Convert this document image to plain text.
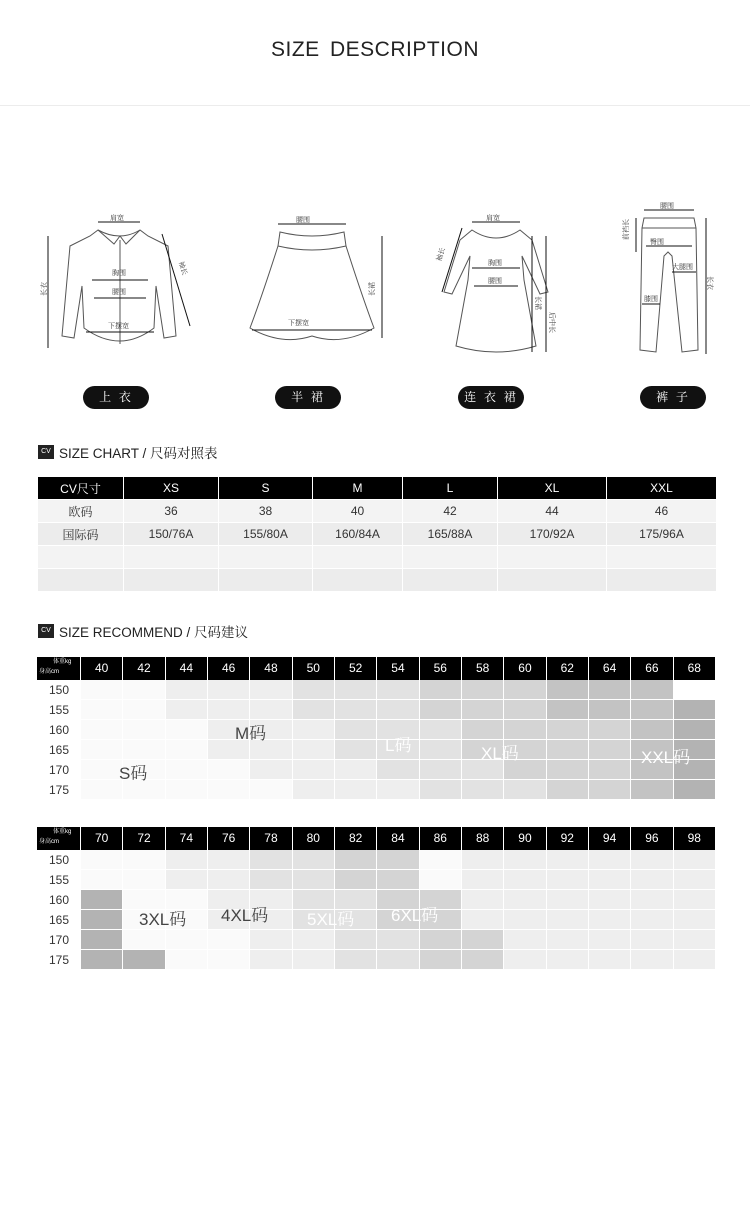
SIZE DESCRIPTION
肩宽
胸围
腰围
下摆宽
长衣
袖长
上 衣
腰围
下摆宽
长裙
半 裙
肩宽
胸围
腰围
袖长
长裙
后中长
连 衣 裙
腰围
臀围
前裆长
大腿围
膝围
长衣
裤 子
CV SIZE CHART / 尺码对照表
CV尺寸	XS	S	M	L	XL	XXL
欧码	36	38	40	42	44	46
国际码	150/76A	155/80A	160/84A	165/88A	170/92A	175/96A

CV SIZE RECOMMEND / 尺码建议
体重kg
身高cm	40	42	44	46	48	50	52	54	56	58	60	62	64	66	68
150
155
160
165
170
175
S码
M码
L码	XL码	XXL码
体重kg
身高cm	70	72	74	76	78	80	82	84	86	88	90	92	94	96	98
150
155
160
165
170
175
3XL码 4XL码 5XL码 6XL码
